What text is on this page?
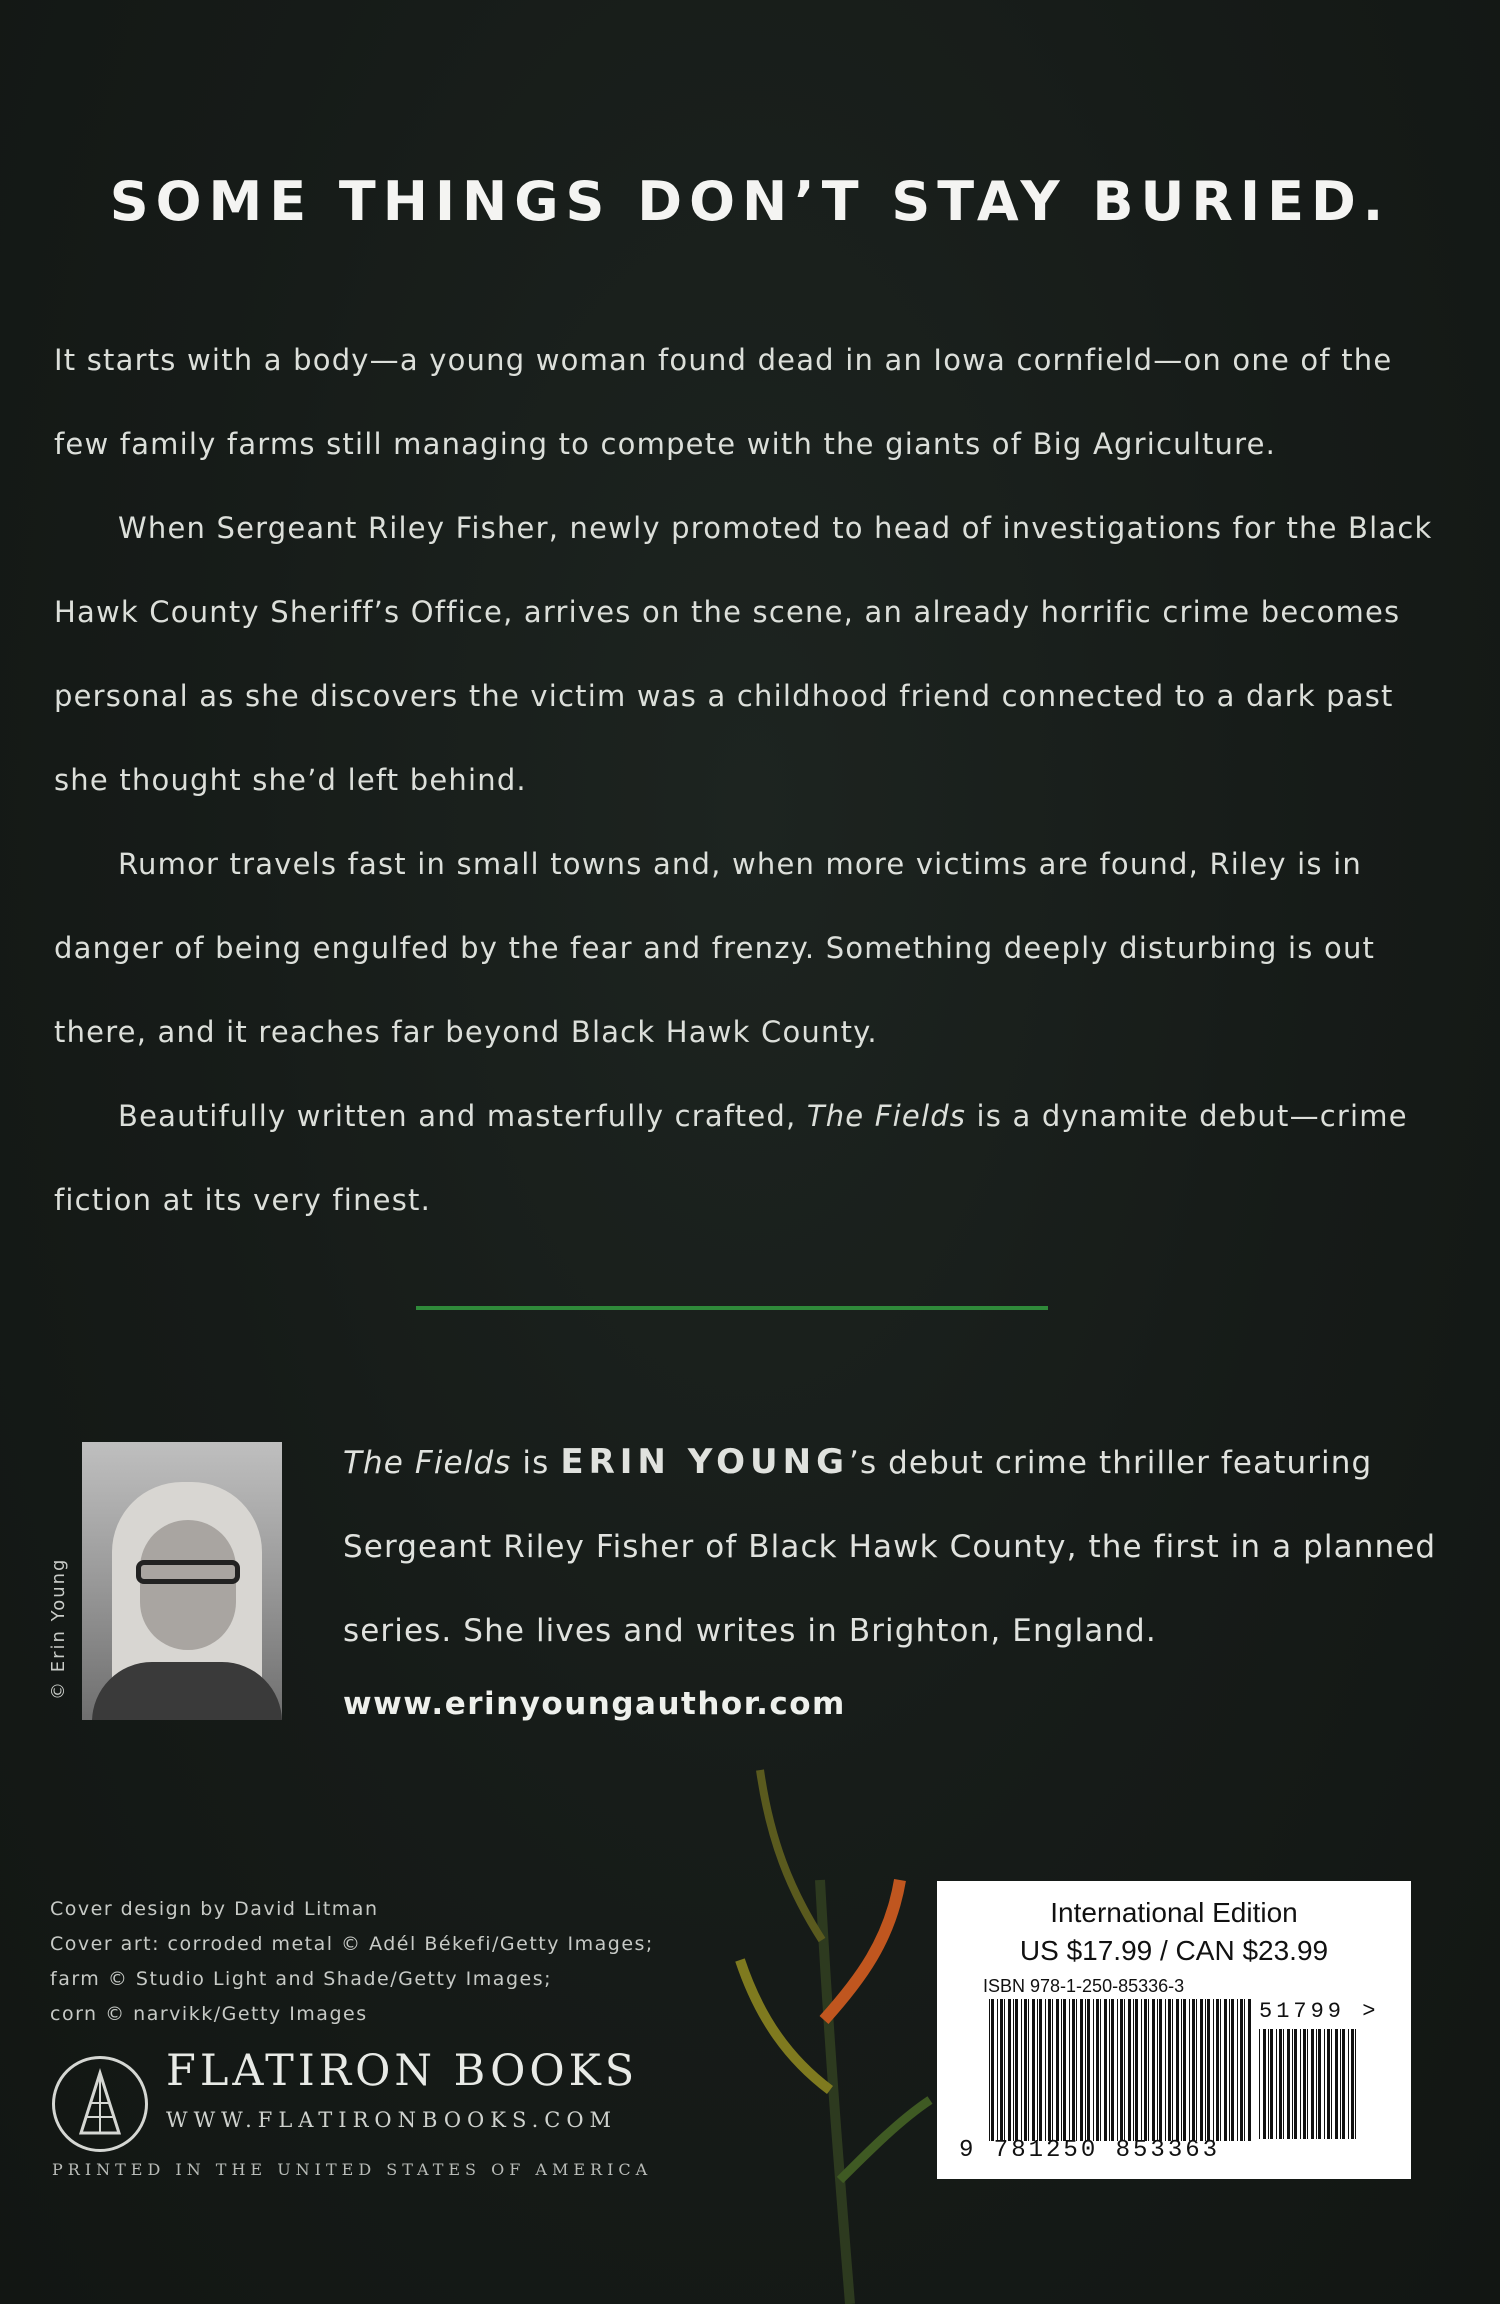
SOME THINGS DON’T STAY BURIED.

It starts with a body—a young woman found dead in an Iowa cornfield—on one of the few family farms still managing to compete with the giants of Big Agriculture.

When Sergeant Riley Fisher, newly promoted to head of investigations for the Black Hawk County Sheriff’s Office, arrives on the scene, an already horrific crime becomes personal as she discovers the victim was a childhood friend connected to a dark past she thought she’d left behind.

Rumor travels fast in small towns and, when more victims are found, Riley is in danger of being engulfed by the fear and frenzy. Something deeply disturbing is out there, and it reaches far beyond Black Hawk County.

Beautifully written and masterfully crafted, The Fields is a dynamite debut—crime fiction at its very finest.

© Erin Young

The Fields is ERIN YOUNG’s debut crime thriller featuring Sergeant Riley Fisher of Black Hawk County, the first in a planned series. She lives and writes in Brighton, England.

www.erinyoungauthor.com
Cover design by David Litman
Cover art: corroded metal © Adél Békefi/Getty Images;
farm © Studio Light and Shade/Getty Images;
corn © narvikk/Getty Images
FLATIRON BOOKS
WWW.FLATIRONBOOKS.COM
PRINTED IN THE UNITED STATES OF AMERICA
International Edition
US $17.99 / CAN $23.99
ISBN 978-1-250-85336-3
9 781250 853363
51799 >
